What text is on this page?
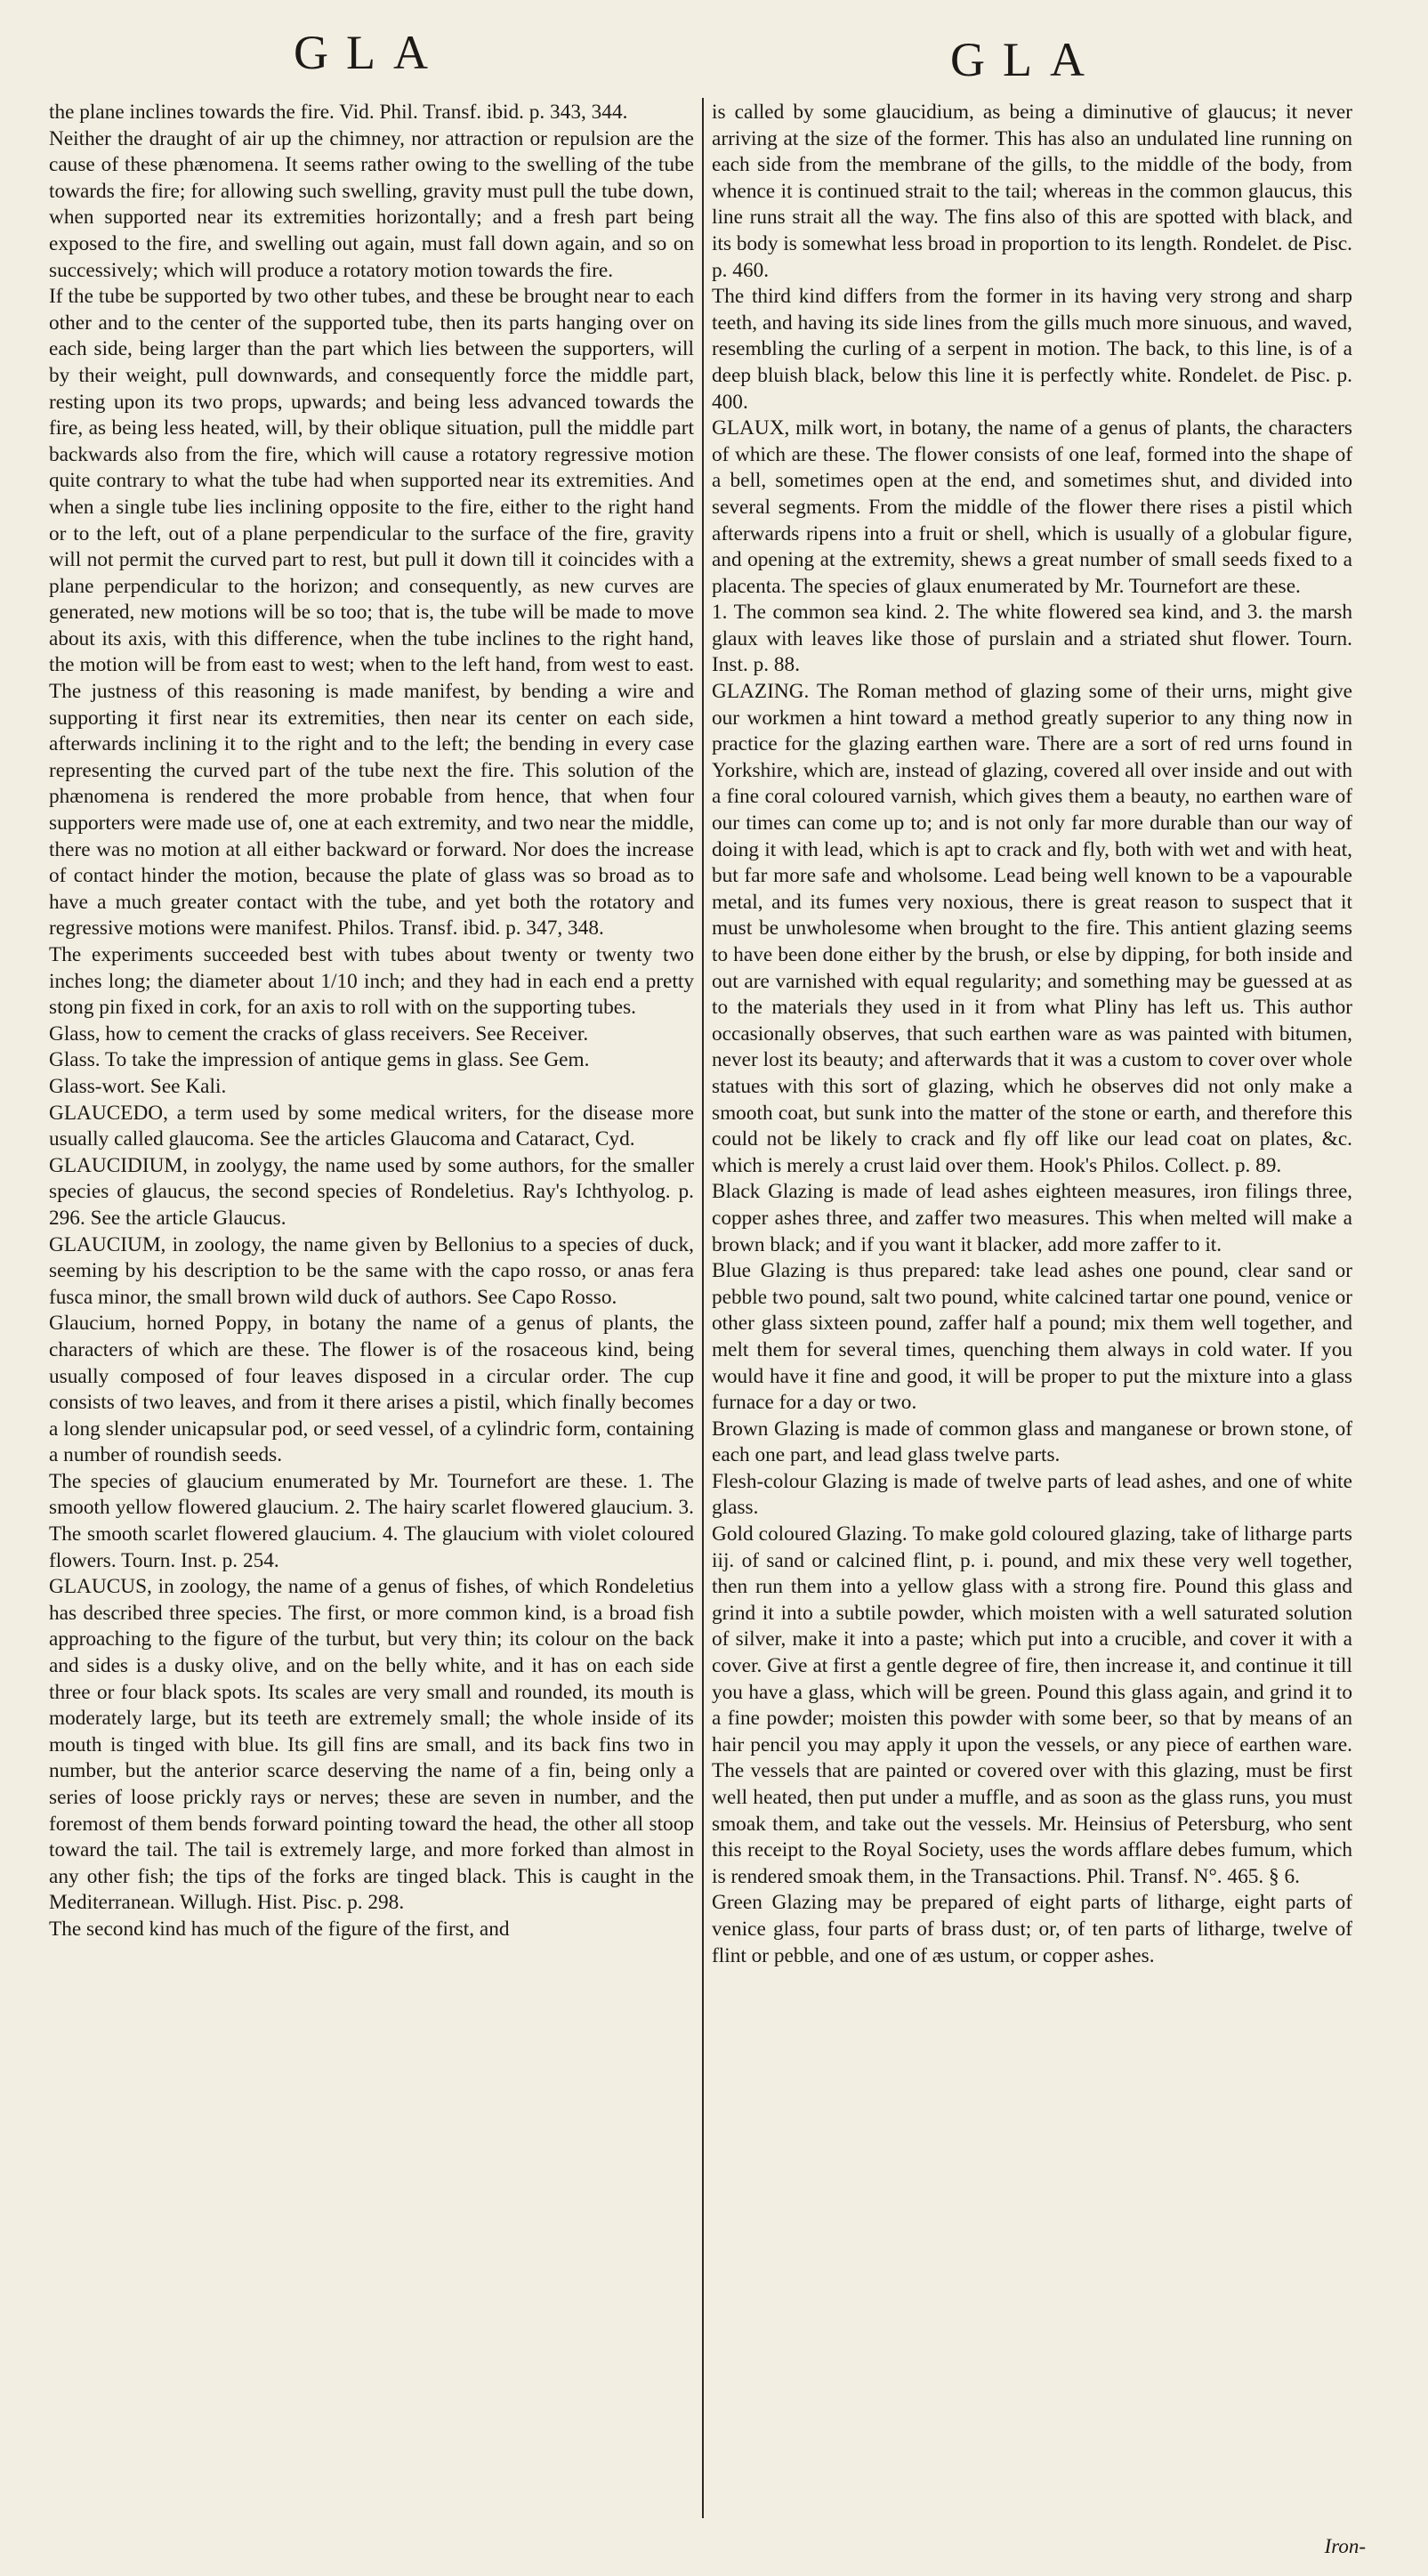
GLA	GLA

the plane inclines towards the fire. Vid. Phil. Transf. ibid. p. 343, 344.

Neither the draught of air up the chimney, nor attraction or repulsion are the cause of these phænomena. It seems rather owing to the swelling of the tube towards the fire; for allowing such swelling, gravity must pull the tube down, when supported near its extremities horizontally; and a fresh part being exposed to the fire, and swelling out again, must fall down again, and so on successively; which will produce a rotatory motion towards the fire.

If the tube be supported by two other tubes, and these be brought near to each other and to the center of the supported tube, then its parts hanging over on each side, being larger than the part which lies between the supporters, will by their weight, pull downwards, and consequently force the middle part, resting upon its two props, upwards; and being less advanced towards the fire, as being less heated, will, by their oblique situation, pull the middle part backwards also from the fire, which will cause a rotatory regressive motion quite contrary to what the tube had when supported near its extremities. And when a single tube lies inclining opposite to the fire, either to the right hand or to the left, out of a plane perpendicular to the surface of the fire, gravity will not permit the curved part to rest, but pull it down till it coincides with a plane perpendicular to the horizon; and consequently, as new curves are generated, new motions will be so too; that is, the tube will be made to move about its axis, with this difference, when the tube inclines to the right hand, the motion will be from east to west; when to the left hand, from west to east. The justness of this reasoning is made manifest, by bending a wire and supporting it first near its extremities, then near its center on each side, afterwards inclining it to the right and to the left; the bending in every case representing the curved part of the tube next the fire. This solution of the phænomena is rendered the more probable from hence, that when four supporters were made use of, one at each extremity, and two near the middle, there was no motion at all either backward or forward. Nor does the increase of contact hinder the motion, because the plate of glass was so broad as to have a much greater contact with the tube, and yet both the rotatory and regressive motions were manifest. Philos. Transf. ibid. p. 347, 348.

The experiments succeeded best with tubes about twenty or twenty two inches long; the diameter about 1/10 inch; and they had in each end a pretty stong pin fixed in cork, for an axis to roll with on the supporting tubes.

Glass, how to cement the cracks of glass receivers. See Receiver.

Glass. To take the impression of antique gems in glass. See Gem.

Glass-wort. See Kali.

GLAUCEDO, a term used by some medical writers, for the disease more usually called glaucoma. See the articles Glaucoma and Cataract, Cyd.

GLAUCIDIUM, in zoolygy, the name used by some authors, for the smaller species of glaucus, the second species of Rondeletius. Ray's Ichthyolog. p. 296. See the article Glaucus.

GLAUCIUM, in zoology, the name given by Bellonius to a species of duck, seeming by his description to be the same with the capo rosso, or anas fera fusca minor, the small brown wild duck of authors. See Capo Rosso.

Glaucium, horned Poppy, in botany the name of a genus of plants, the characters of which are these. The flower is of the rosaceous kind, being usually composed of four leaves disposed in a circular order. The cup consists of two leaves, and from it there arises a pistil, which finally becomes a long slender unicapsular pod, or seed vessel, of a cylindric form, containing a number of roundish seeds.

The species of glaucium enumerated by Mr. Tournefort are these. 1. The smooth yellow flowered glaucium. 2. The hairy scarlet flowered glaucium. 3. The smooth scarlet flowered glaucium. 4. The glaucium with violet coloured flowers. Tourn. Inst. p. 254.

GLAUCUS, in zoology, the name of a genus of fishes, of which Rondeletius has described three species. The first, or more common kind, is a broad fish approaching to the figure of the turbut, but very thin; its colour on the back and sides is a dusky olive, and on the belly white, and it has on each side three or four black spots. Its scales are very small and rounded, its mouth is moderately large, but its teeth are extremely small; the whole inside of its mouth is tinged with blue. Its gill fins are small, and its back fins two in number, but the anterior scarce deserving the name of a fin, being only a series of loose prickly rays or nerves; these are seven in number, and the foremost of them bends forward pointing toward the head, the other all stoop toward the tail. The tail is extremely large, and more forked than almost in any other fish; the tips of the forks are tinged black. This is caught in the Mediterranean. Willugh. Hist. Pisc. p. 298.

The second kind has much of the figure of the first, and

is called by some glaucidium, as being a diminutive of glaucus; it never arriving at the size of the former. This has also an undulated line running on each side from the membrane of the gills, to the middle of the body, from whence it is continued strait to the tail; whereas in the common glaucus, this line runs strait all the way. The fins also of this are spotted with black, and its body is somewhat less broad in proportion to its length. Rondelet. de Pisc. p. 460.

The third kind differs from the former in its having very strong and sharp teeth, and having its side lines from the gills much more sinuous, and waved, resembling the curling of a serpent in motion. The back, to this line, is of a deep bluish black, below this line it is perfectly white. Rondelet. de Pisc. p. 400.

GLAUX, milk wort, in botany, the name of a genus of plants, the characters of which are these. The flower consists of one leaf, formed into the shape of a bell, sometimes open at the end, and sometimes shut, and divided into several segments. From the middle of the flower there rises a pistil which afterwards ripens into a fruit or shell, which is usually of a globular figure, and opening at the extremity, shews a great number of small seeds fixed to a placenta. The species of glaux enumerated by Mr. Tournefort are these.

1. The common sea kind. 2. The white flowered sea kind, and 3. the marsh glaux with leaves like those of purslain and a striated shut flower. Tourn. Inst. p. 88.

GLAZING. The Roman method of glazing some of their urns, might give our workmen a hint toward a method greatly superior to any thing now in practice for the glazing earthen ware. There are a sort of red urns found in Yorkshire, which are, instead of glazing, covered all over inside and out with a fine coral coloured varnish, which gives them a beauty, no earthen ware of our times can come up to; and is not only far more durable than our way of doing it with lead, which is apt to crack and fly, both with wet and with heat, but far more safe and wholsome. Lead being well known to be a vapourable metal, and its fumes very noxious, there is great reason to suspect that it must be unwholesome when brought to the fire. This antient glazing seems to have been done either by the brush, or else by dipping, for both inside and out are varnished with equal regularity; and something may be guessed at as to the materials they used in it from what Pliny has left us. This author occasionally observes, that such earthen ware as was painted with bitumen, never lost its beauty; and afterwards that it was a custom to cover over whole statues with this sort of glazing, which he observes did not only make a smooth coat, but sunk into the matter of the stone or earth, and therefore this could not be likely to crack and fly off like our lead coat on plates, &c. which is merely a crust laid over them. Hook's Philos. Collect. p. 89.

Black Glazing is made of lead ashes eighteen measures, iron filings three, copper ashes three, and zaffer two measures. This when melted will make a brown black; and if you want it blacker, add more zaffer to it.

Blue Glazing is thus prepared: take lead ashes one pound, clear sand or pebble two pound, salt two pound, white calcined tartar one pound, venice or other glass sixteen pound, zaffer half a pound; mix them well together, and melt them for several times, quenching them always in cold water. If you would have it fine and good, it will be proper to put the mixture into a glass furnace for a day or two.

Brown Glazing is made of common glass and manganese or brown stone, of each one part, and lead glass twelve parts.

Flesh-colour Glazing is made of twelve parts of lead ashes, and one of white glass.

Gold coloured Glazing. To make gold coloured glazing, take of litharge parts iij. of sand or calcined flint, p. i. pound, and mix these very well together, then run them into a yellow glass with a strong fire. Pound this glass and grind it into a subtile powder, which moisten with a well saturated solution of silver, make it into a paste; which put into a crucible, and cover it with a cover. Give at first a gentle degree of fire, then increase it, and continue it till you have a glass, which will be green. Pound this glass again, and grind it to a fine powder; moisten this powder with some beer, so that by means of an hair pencil you may apply it upon the vessels, or any piece of earthen ware. The vessels that are painted or covered over with this glazing, must be first well heated, then put under a muffle, and as soon as the glass runs, you must smoak them, and take out the vessels. Mr. Heinsius of Petersburg, who sent this receipt to the Royal Society, uses the words afflare debes fumum, which is rendered smoak them, in the Transactions. Phil. Transf. N°. 465. § 6.

Green Glazing may be prepared of eight parts of litharge, eight parts of venice glass, four parts of brass dust; or, of ten parts of litharge, twelve of flint or pebble, and one of æs ustum, or copper ashes.

Iron-
